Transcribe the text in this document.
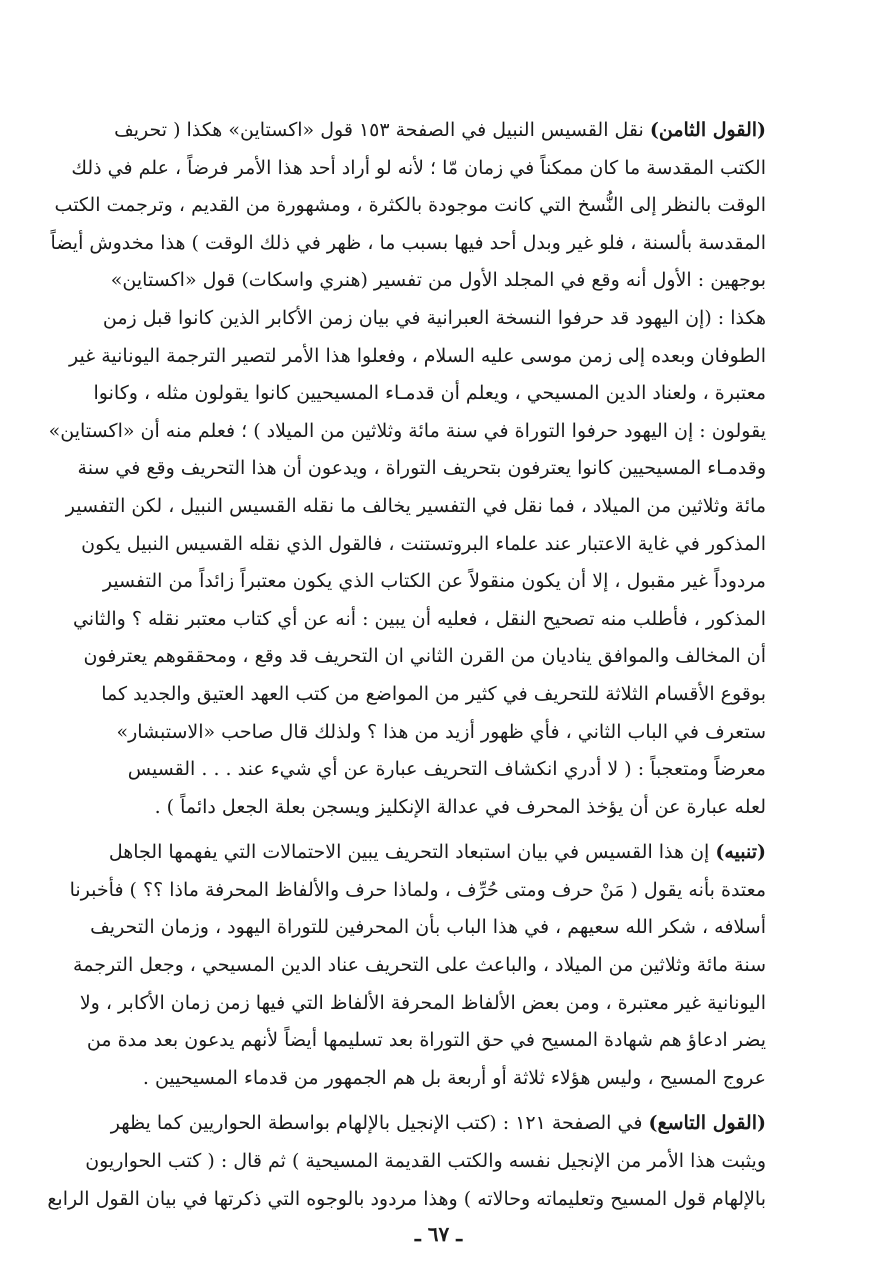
(القول الثامن) نقل القسيس النبيل في الصفحة ١٥٣ قول «اكستاين» هكذا ( تحريف
الكتب المقدسة ما كان ممكناً في زمان مّا ؛ لأنه لو أراد أحد هذا الأمر فرضاً ، علم في ذلك
الوقت بالنظر إلى النُّسخ التي كانت موجودة بالكثرة ، ومشهورة من القديم ، وترجمت الكتب
المقدسة بألسنة ، فلو غير وبدل أحد فيها بسبب ما ، ظهر في ذلك الوقت ) هذا مخدوش أيضاً
بوجهين : الأول أنه وقع في المجلد الأول من تفسير (هنري واسكات) قول «اكستاين»
هكذا : (إن اليهود قد حرفوا النسخة العبرانية في بيان زمن الأكابر الذين كانوا قبل زمن
الطوفان وبعده إلى زمن موسى عليه السلام ، وفعلوا هذا الأمر لتصير الترجمة اليونانية غير
معتبرة ، ولعناد الدين المسيحي ، ويعلم أن قدمـاء المسيحيين كانوا يقولون مثله ، وكانوا
يقولون : إن اليهود حرفوا التوراة في سنة مائة وثلاثين من الميلاد ) ؛ فعلم منه أن «اكستاين»
وقدمـاء المسيحيين كانوا يعترفون بتحريف التوراة ، ويدعون أن هذا التحريف وقع في سنة
مائة وثلاثين من الميلاد ، فما نقل في التفسير يخالف ما نقله القسيس النبيل ، لكن التفسير
المذكور في غاية الاعتبار عند علماء البروتستنت ، فالقول الذي نقله القسيس النبيل يكون
مردوداً غير مقبول ، إلا أن يكون منقولاً عن الكتاب الذي يكون معتبراً زائداً من التفسير
المذكور ، فأطلب منه تصحيح النقل ، فعليه أن يبين : أنه عن أي كتاب معتبر نقله ؟ والثاني
أن المخالف والموافق يناديان من القرن الثاني ان التحريف قد وقع ، ومحققوهم يعترفون
بوقوع الأقسام الثلاثة للتحريف في كثير من المواضع من كتب العهد العتيق والجديد كما
ستعرف في الباب الثاني ، فأي ظهور أزيد من هذا ؟ ولذلك قال صاحب «الاستبشار»
معرضاً ومتعجباً : ( لا أدري انكشاف التحريف عبارة عن أي شيء عند . . . القسيس
لعله عبارة عن أن يؤخذ المحرف في عدالة الإنكليز ويسجن بعلة الجعل دائماً ) .
(تنبيه) إن هذا القسيس في بيان استبعاد التحريف يبين الاحتمالات التي يفهمها الجاهل
معتدة بأنه يقول ( مَنْ حرف ومتى حُرِّف ، ولماذا حرف والألفاظ المحرفة ماذا ؟؟ ) فأخبرنا
أسلافه ، شكر الله سعيهم ، في هذا الباب بأن المحرفين للتوراة اليهود ، وزمان التحريف
سنة مائة وثلاثين من الميلاد ، والباعث على التحريف عناد الدين المسيحي ، وجعل الترجمة
اليونانية غير معتبرة ، ومن بعض الألفاظ المحرفة الألفاظ التي فيها زمن زمان الأكابر ، ولا
يضر ادعاؤ هم شهادة المسيح في حق التوراة بعد تسليمها أيضاً لأنهم يدعون بعد مدة من
عروج المسيح ، وليس هؤلاء ثلاثة أو أربعة بل هم الجمهور من قدماء المسيحيين .
(القول التاسع) في الصفحة ١٢١ : (كتب الإنجيل بالإلهام بواسطة الحواريين كما يظهر
ويثبت هذا الأمر من الإنجيل نفسه والكتب القديمة المسيحية ) ثم قال : ( كتب الحواريون
بالإلهام قول المسيح وتعليماته وحالاته ) وهذا مردود بالوجوه التي ذكرتها في بيان القول الرابع
ـ ٦٧ ـ
